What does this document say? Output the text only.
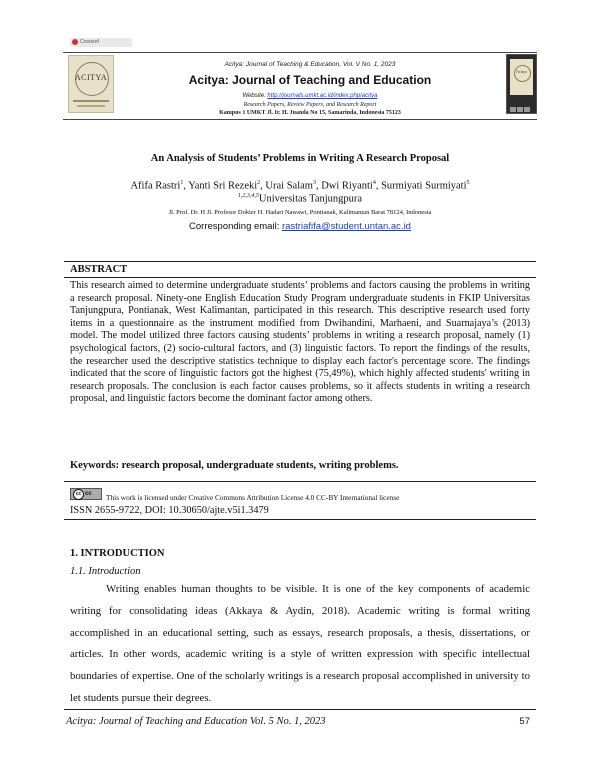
Crossref
ACITYA
Acitya
Acitya: Journal of Teaching & Education, Vol. V No. 1, 2023
Acitya: Journal of Teaching and Education
Website: http://journals.umkt.ac.id/index.php/acitya
Research Papers, Review Papers, and Research Report
Kampus 1 UMKT Jl. Ir. H. Juanda No 15, Samarinda, Indonesia 75123
An Analysis of Students’ Problems in Writing A Research Proposal
Afifa Rastri$^1$, Yanti Sri Rezeki$^2$, Urai Salam$^3$, Dwi Riyanti$^4$, Surmiyati Surmiyati$^5$
$^{1,2,3,4,5}$Universitas Tanjungpura
Jl. Prof. Dr. H Jl. Profesor Dokter H. Hadari Nawawi, Pontianak, Kalimantan Barat 78124, Indonesia
Corresponding email: rastriafifa@student.untan.ac.id
ABSTRACT
This research aimed to determine undergraduate students’ problems and factors causing the problems in writing a research proposal. Ninety-one English Education Study Program undergraduate students in FKIP Universitas Tanjungpura, Pontianak, West Kalimantan, participated in this research. This descriptive research used forty items in a questionnaire as the instrument modified from Dwihandini, Marhaeni, and Suarnajaya’s (2013) model. The model utilized three factors causing students’ problems in writing a research proposal, namely (1) psychological factors, (2) socio-cultural factors, and (3) linguistic factors. To report the findings of the results, the researcher used the descriptive statistics technique to display each factor's percentage score. The findings indicated that the score of linguistic factors got the highest (75,49%), which highly affected students' writing in research proposals. The conclusion is each factor causes problems, so it affects students in writing a research proposal, and linguistic factors become the dominant factor among others.
Keywords: research proposal, undergraduate students, writing problems.
cc cc	This work is licensed under Creative Commons Attribution License 4.0 CC-BY International license
ISSN 2655-9722, DOI: 10.30650/ajte.v5i1.3479
1. INTRODUCTION
1.1. Introduction
Writing enables human thoughts to be visible. It is one of the key components of academic writing for consolidating ideas (Akkaya & Aydin, 2018). Academic writing is formal writing accomplished in an educational setting, such as essays, research proposals, a thesis, dissertations, or articles. In other words, academic writing is a style of written expression with specific intellectual boundaries of expertise. One of the scholarly writings is a research proposal accomplished in university to let students pursue their degrees.
Acitya: Journal of Teaching and Education Vol. 5 No. 1, 2023	57
